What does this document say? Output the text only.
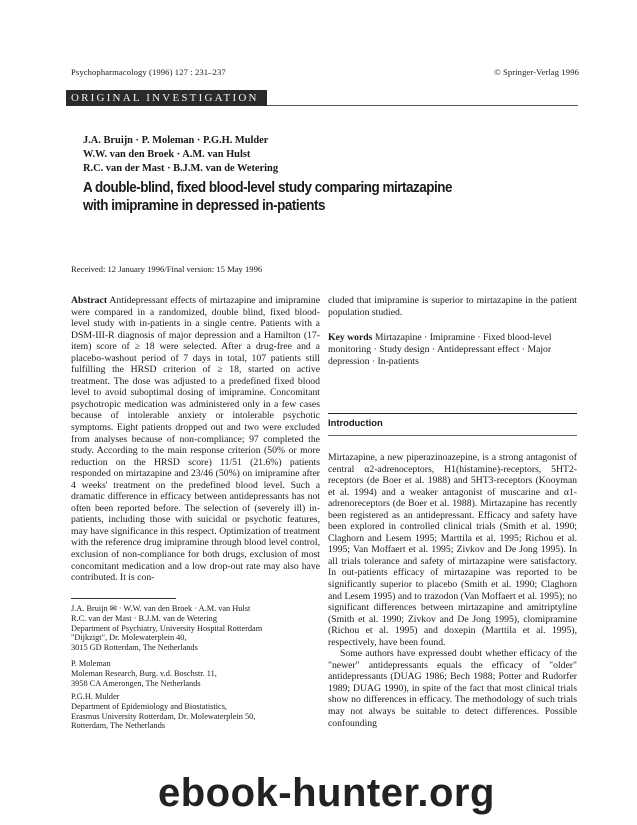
Psychopharmacology (1996) 127 : 231–237	© Springer-Verlag 1996
ORIGINAL INVESTIGATION
J.A. Bruijn · P. Moleman · P.G.H. Mulder
W.W. van den Broek · A.M. van Hulst
R.C. van der Mast · B.J.M. van de Wetering
A double-blind, fixed blood-level study comparing mirtazapine
with imipramine in depressed in-patients
Received: 12 January 1996/Final version: 15 May 1996
Abstract Antidepressant effects of mirtazapine and imipramine were compared in a randomized, double blind, fixed blood-level study with in-patients in a single centre. Patients with a DSM-III-R diagnosis of major depression and a Hamilton (17-item) score of ≥ 18 were selected. After a drug-free and a placebo-washout period of 7 days in total, 107 patients still fulfilling the HRSD criterion of ≥ 18, started on active treatment. The dose was adjusted to a predefined fixed blood level to avoid suboptimal dosing of imipramine. Concomitant psychotropic medication was administered only in a few cases because of intolerable anxiety or intolerable psychotic symptoms. Eight patients dropped out and two were excluded from analyses because of non-compliance; 97 completed the study. According to the main response criterion (50% or more reduction on the HRSD score) 11/51 (21.6%) patients responded on mirtazapine and 23/46 (50%) on imipramine after 4 weeks' treatment on the predefined blood level. Such a dramatic difference in efficacy between antidepressants has not often been reported before. The selection of (severely ill) in-patients, including those with suicidal or psychotic features, may have significance in this respect. Optimization of treatment with the reference drug imipramine through blood level control, exclusion of non-compliance for both drugs, exclusion of most concomitant medication and a low drop-out rate may also have contributed. It is con-
cluded that imipramine is superior to mirtazapine in the patient population studied.
Key words Mirtazapine · Imipramine · Fixed blood-level monitoring · Study design · Antidepressant effect · Major depression · In-patients
Introduction

Mirtazapine, a new piperazinoazepine, is a strong antagonist of central α2-adrenoceptors, H1(histamine)-receptors, 5HT2-receptors (de Boer et al. 1988) and 5HT3-receptors (Kooyman et al. 1994) and a weaker antagonist of muscarine and α1-adrenoreceptors (de Boer et al. 1988). Mirtazapine has recently been registered as an antidepressant. Efficacy and safety have been explored in controlled clinical trials (Smith et al. 1990; Claghorn and Lesem 1995; Marttila et al. 1995; Richou et al. 1995; Van Moffaert et al. 1995; Zivkov and De Jong 1995). In all trials tolerance and safety of mirtazapine were satisfactory. In out-patients efficacy of mirtazapine was reported to be significantly superior to placebo (Smith et al. 1990; Claghorn and Lesem 1995) and to trazodon (Van Moffaert et al. 1995); no significant differences between mirtazapine and amitriptyline (Smith et al. 1990; Zivkov and De Jong 1995), clomipramine (Richou et al. 1995) and doxepin (Marttila et al. 1995), respectively, have been found.

Some authors have expressed doubt whether efficacy of the "newer" antidepressants equals the efficacy of "older" antidepressants (DUAG 1986; Bech 1988; Potter and Rudorfer 1989; DUAG 1990), in spite of the fact that most clinical trials show no differences in efficacy. The methodology of such trials may not always be suitable to detect differences. Possible confounding

J.A. Bruijn ✉ · W.W. van den Broek · A.M. van Hulst
R.C. van der Mast · B.J.M. van de Wetering
Department of Psychiatry, University Hospital Rotterdam
"Dijkzigt", Dr. Molewaterplein 40,
3015 GD Rotterdam, The Netherlands
P. Moleman
Moleman Research, Burg. v.d. Boschstr. 11,
3958 CA Amerongen, The Netherlands
P.G.H. Mulder
Department of Epidemiology and Biostatistics,
Erasmus University Rotterdam, Dr. Molewaterplein 50,
Rotterdam, The Netherlands
ebook-hunter.org
